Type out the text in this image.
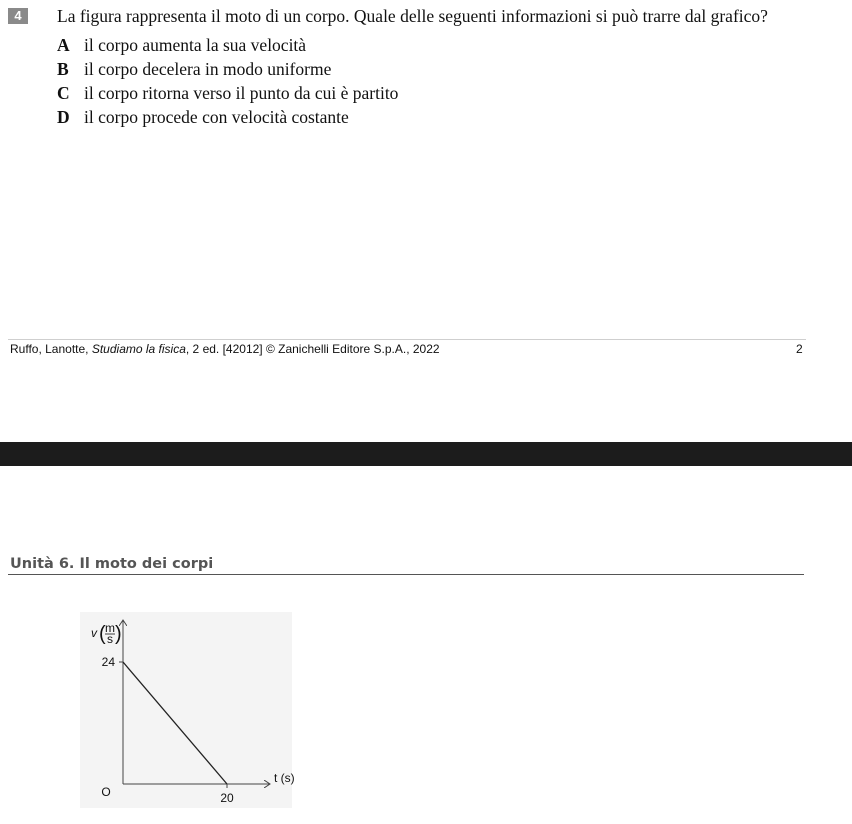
4	La figura rappresenta il moto di un corpo. Quale delle seguenti informazioni si può trarre dal grafico?
A il corpo aumenta la sua velocità
B il corpo decelera in modo uniforme
C il corpo ritorna verso il punto da cui è partito
D il corpo procede con velocità costante
Ruffo, Lanotte, Studiamo la fisica, 2 ed. [42012] © Zanichelli Editore S.p.A., 2022	2
Unità 6. Il moto dei corpi
24
20
O
t (s)
v ( m
s )
